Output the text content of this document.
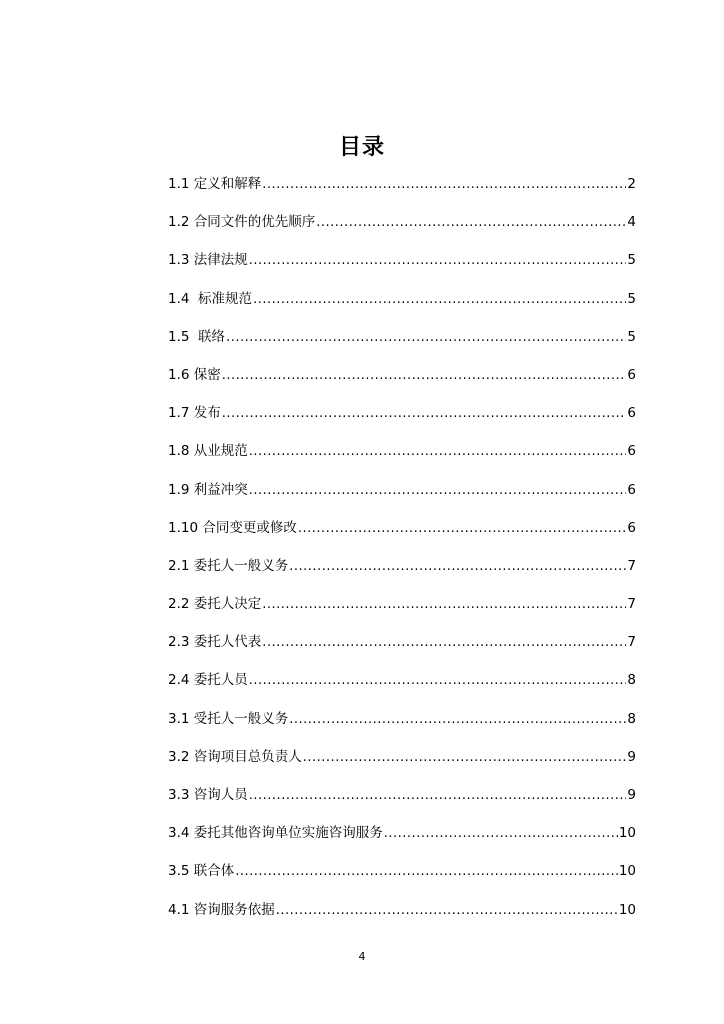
目录
1.1 定义和解释 .....	2
1.2 合同文件的优先顺序 .....	4
1.3 法律法规 .....	5
1.4  标准规范 .....	5
1.5  联络 .....	5
1.6 保密 .....	6
1.7 发布 .....	6
1.8 从业规范 .....	6
1.9 利益冲突 .....	6
1.10 合同变更或修改 .....	6
2.1 委托人一般义务 .....	7
2.2 委托人决定 .....	7
2.3 委托人代表 .....	7
2.4 委托人员 .....	8
3.1 受托人一般义务 .....	8
3.2 咨询项目总负责人 .....	9
3.3 咨询人员 .....	9
3.4 委托其他咨询单位实施咨询服务 .....	10
3.5 联合体 .....	10
4.1 咨询服务依据 .....	10
4
